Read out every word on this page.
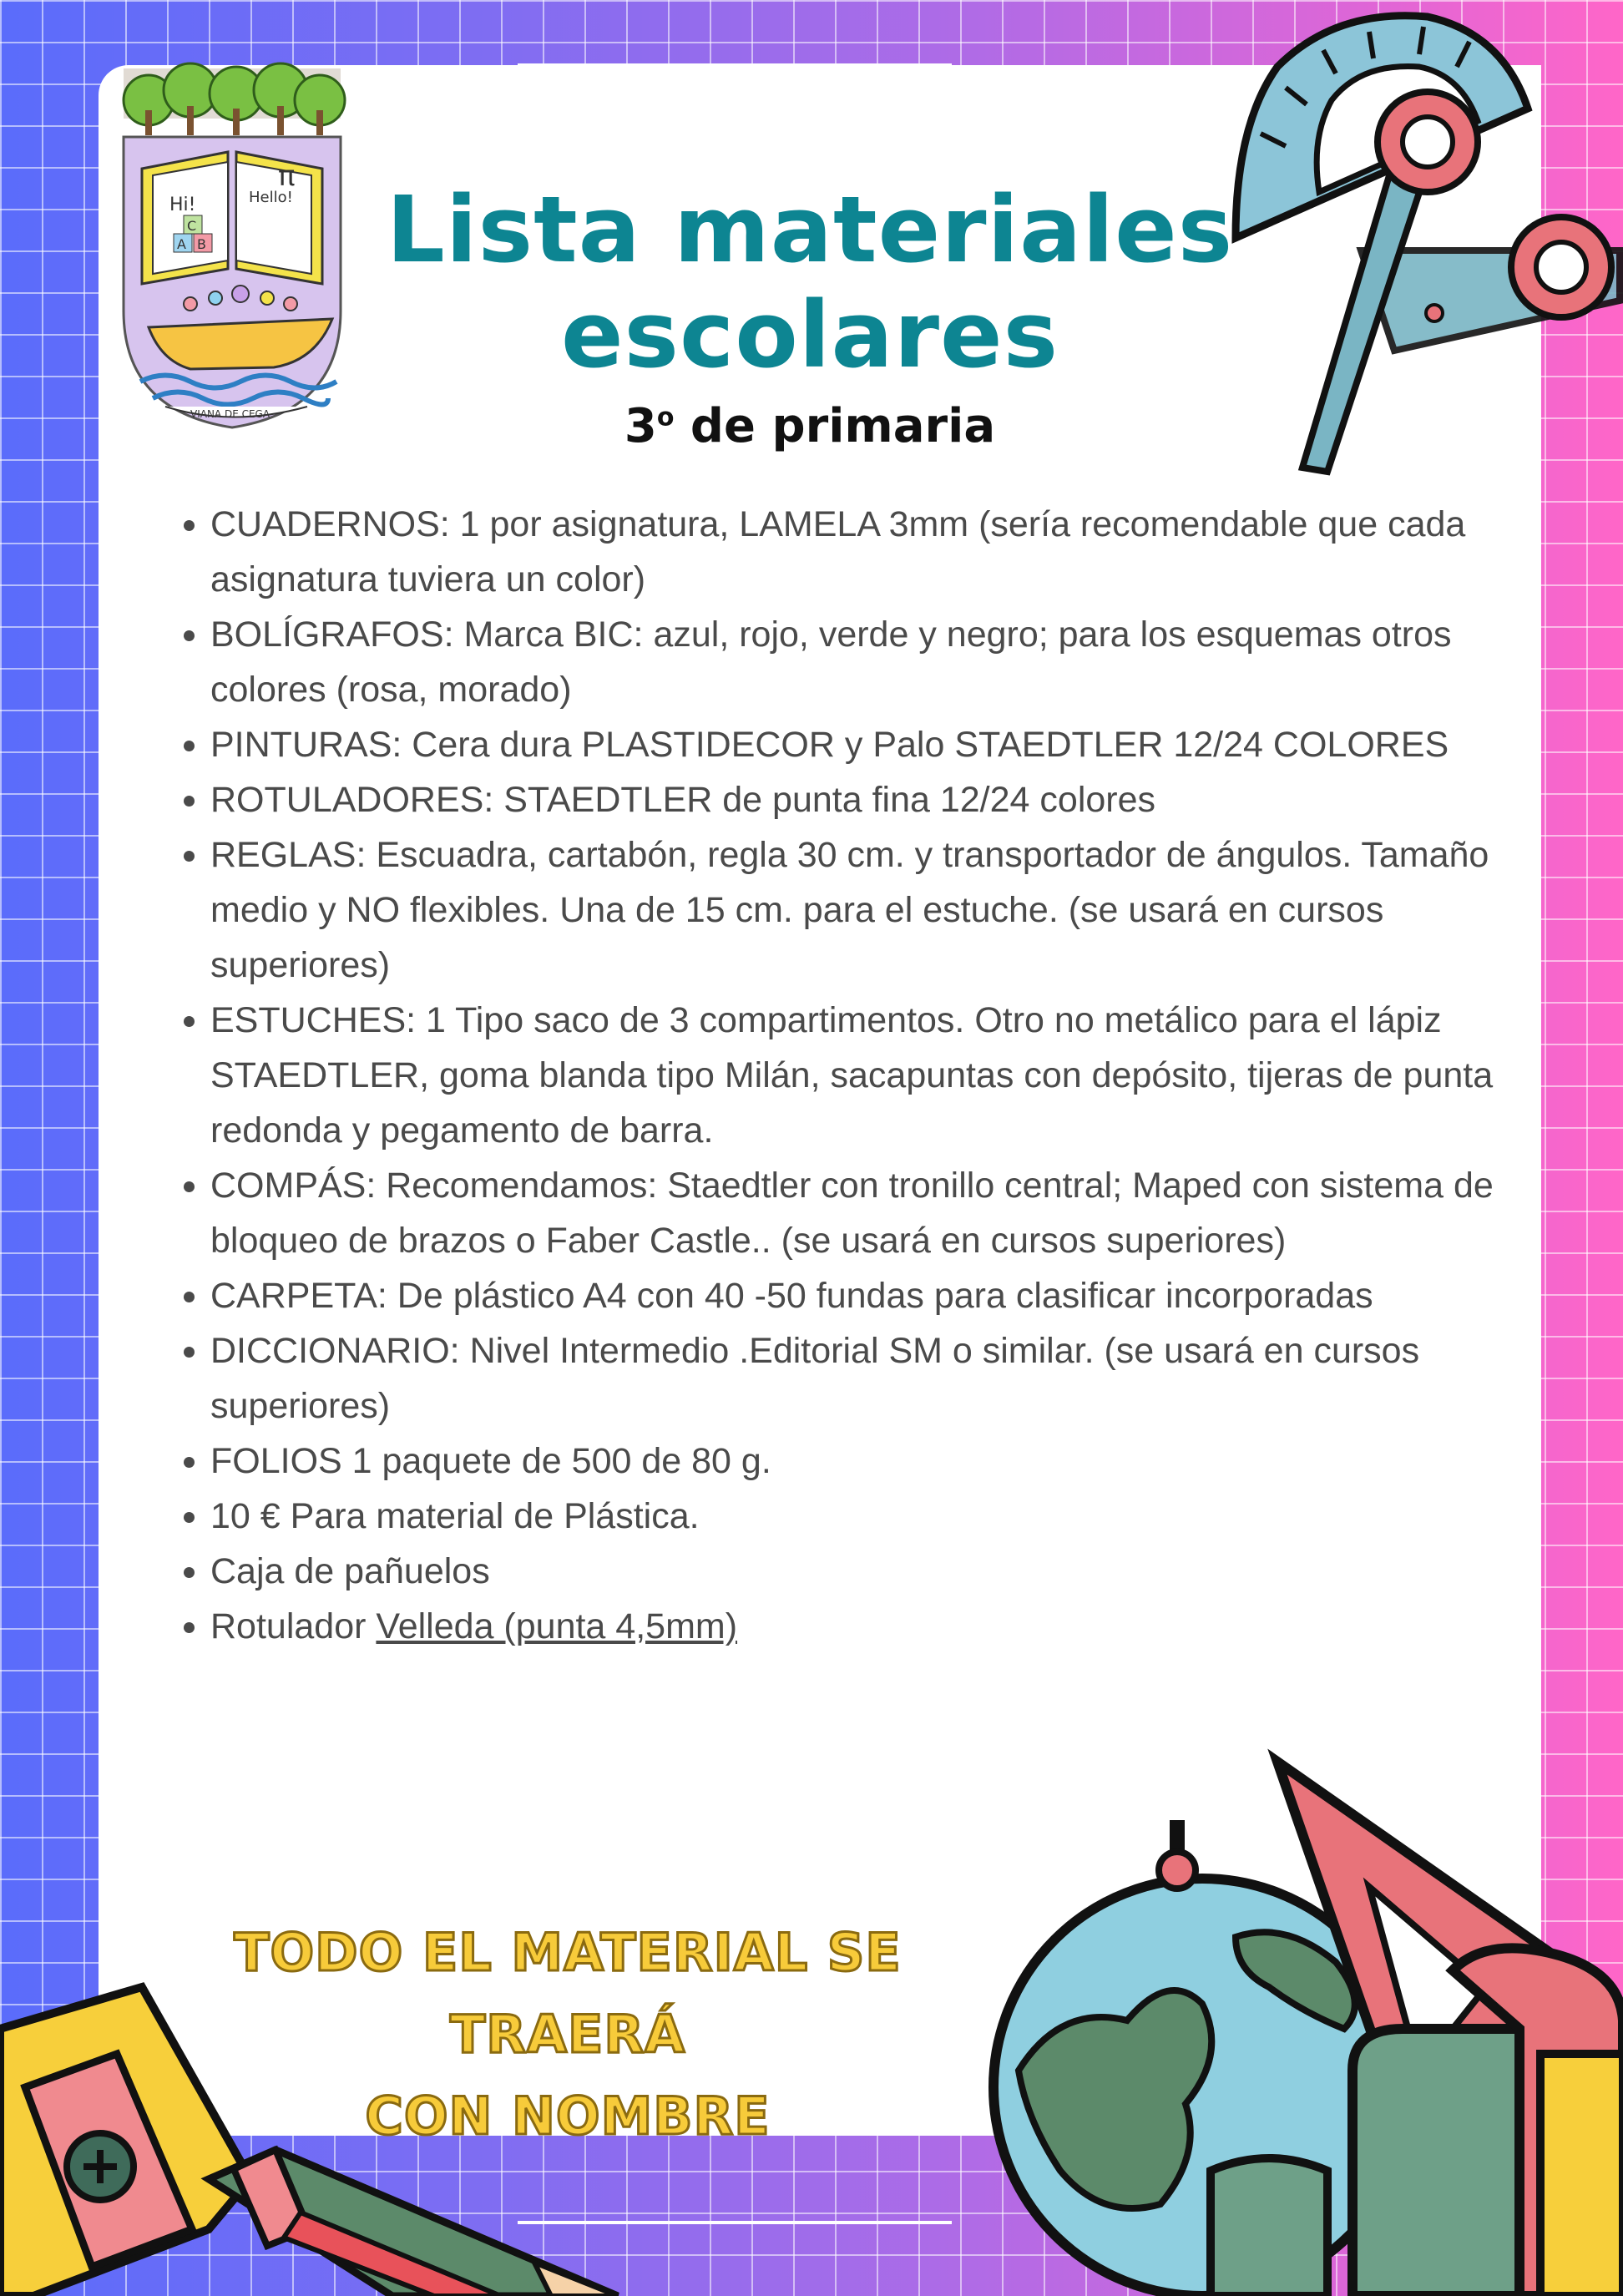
Hi!	Hello!
π
A B
C
VIANA DE CEGA
Lista materiales
escolares
3$^o$ de primaria
• CUADERNOS: 1 por asignatura, LAMELA 3mm (sería recomendable que cada asignatura tuviera un color)
• BOLÍGRAFOS: Marca BIC: azul, rojo, verde y negro; para los esquemas otros colores (rosa, morado)
• PINTURAS: Cera dura PLASTIDECOR y Palo STAEDTLER 12/24 COLORES
• ROTULADORES: STAEDTLER de punta fina 12/24 colores
• REGLAS: Escuadra, cartabón, regla 30 cm. y transportador de ángulos. Tamaño medio y NO flexibles. Una de 15 cm. para el estuche. (se usará en cursos superiores)
• ESTUCHES: 1 Tipo saco de 3 compartimentos. Otro no metálico para el lápiz STAEDTLER, goma blanda tipo Milán, sacapuntas con depósito, tijeras de punta redonda y pegamento de barra.
• COMPÁS: Recomendamos: Staedtler con tronillo central; Maped con sistema de bloqueo de brazos o Faber Castle.. (se usará en cursos superiores)
• CARPETA: De plástico A4 con 40 -50 fundas para clasificar incorporadas
• DICCIONARIO: Nivel Intermedio .Editorial SM o similar. (se usará en cursos superiores)
• FOLIOS 1 paquete de 500 de 80 g.
• 10 € Para material de Plástica.
• Caja de pañuelos
• Rotulador Velleda (punta 4,5mm)
TODO EL MATERIAL SE TRAERÁ
CON NOMBRE
